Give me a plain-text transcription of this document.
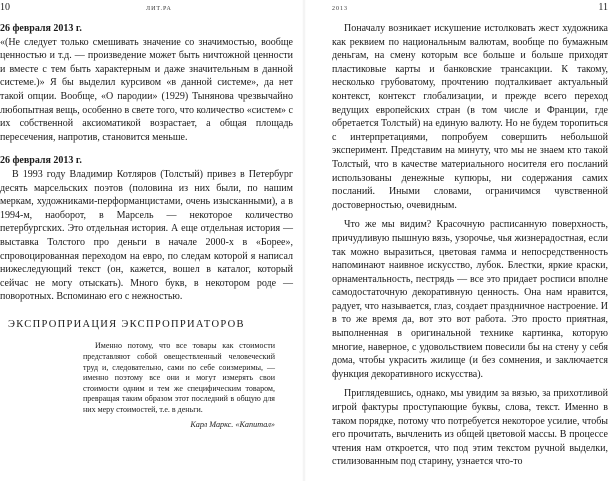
10	ЛИТ.РА
26 февраля 2013 г.

«(Не следует только смешивать значение со значимостью, вообще ценностью и т.д. — произведение может быть ничтожной ценности и вместе с тем быть характерным и даже значительным в данной системе.)» Я бы выделил курсивом «в данной системе», да нет такой опции. Вообще, «О пародии» (1929) Тынянова чрезвычайно любопытная вещь, особенно в свете того, что количество «систем» с их собственной аксиоматикой возрастает, а общая площадь пересечения, напротив, становится меньше.

26 февраля 2013 г.

В 1993 году Владимир Котляров (Толстый) привез в Петербург десять марсельских поэтов (половина из них были, по нашим меркам, художниками-перформанцистами, очень изысканными), а в 1994-м, наоборот, в Марсель — некоторое количество петербургских. Это отдельная история. А еще отдельная история — выставка Толстого про деньги в начале 2000-х в «Борее», спровоцированная переходом на евро, по следам которой я написал нижеследующий текст (он, кажется, вошел в каталог, который сейчас не могу отыскать). Много букв, в некотором роде — поворотных. Вспоминаю его с нежностью.

ЭКСПРОПРИАЦИЯ ЭКСПРОПРИАТОРОВ

Именно потому, что все товары как стоимости представляют собой овеществленный человеческий труд и, следовательно, сами по себе соизмеримы, — именно поэтому все они и могут измерять свои стоимости одним и тем же специфическим товаром, превращая таким образом этот последний в общую для них меру стоимостей, т.е. в деньги.

Карл Маркс. «Капитал»
2013	11

Поначалу возникает искушение истолковать жест художника как реквием по национальным валютам, вообще по бумажным деньгам, на смену которым все больше и больше приходят пластиковые карты и банковские трансакции. К такому, несколько грубоватому, прочтению подталкивает актуальный контекст, контекст глобализации, и прежде всего переход ведущих европейских стран (в том числе и Франции, где обретается Толстый) на единую валюту. Но не будем торопиться с интерпретациями, попробуем совершить небольшой эксперимент. Представим на минуту, что мы не знаем кто такой Толстый, что в качестве материального носителя его посланий использованы денежные купюры, ни содержания самих посланий. Иными словами, ограничимся чувственной достоверностью, очевидным.

Что же мы видим? Красочную расписанную поверхность, причудливую пышную вязь, узорочье, чья жизнерадостная, если так можно выразиться, цветовая гамма и непосредственность напоминают наивное искусство, лубок. Блестки, яркие краски, орнаментальность, пестрядь — все это придает росписи вполне самодостаточную декоративную ценность. Она нам нравится, радует, что называется, глаз, создает праздничное настроение. И в то же время да, вот это вот работа. Это просто приятная, выполненная в оригинальной технике картинка, которую многие, наверное, с удовольствием повесили бы на стену у себя дома, чтобы украсить жилище (и без сомнения, и заключается функция декоративного искусства).

Приглядевшись, однако, мы увидим за вязью, за прихотливой игрой фактуры проступающие буквы, слова, текст. Именно в таком порядке, потому что потребуется некоторое усилие, чтобы его прочитать, вычленить из общей цветовой массы. В процессе чтения нам откроется, что под этим текстом ручной выделки, стилизованным под старину, узнается что-то
